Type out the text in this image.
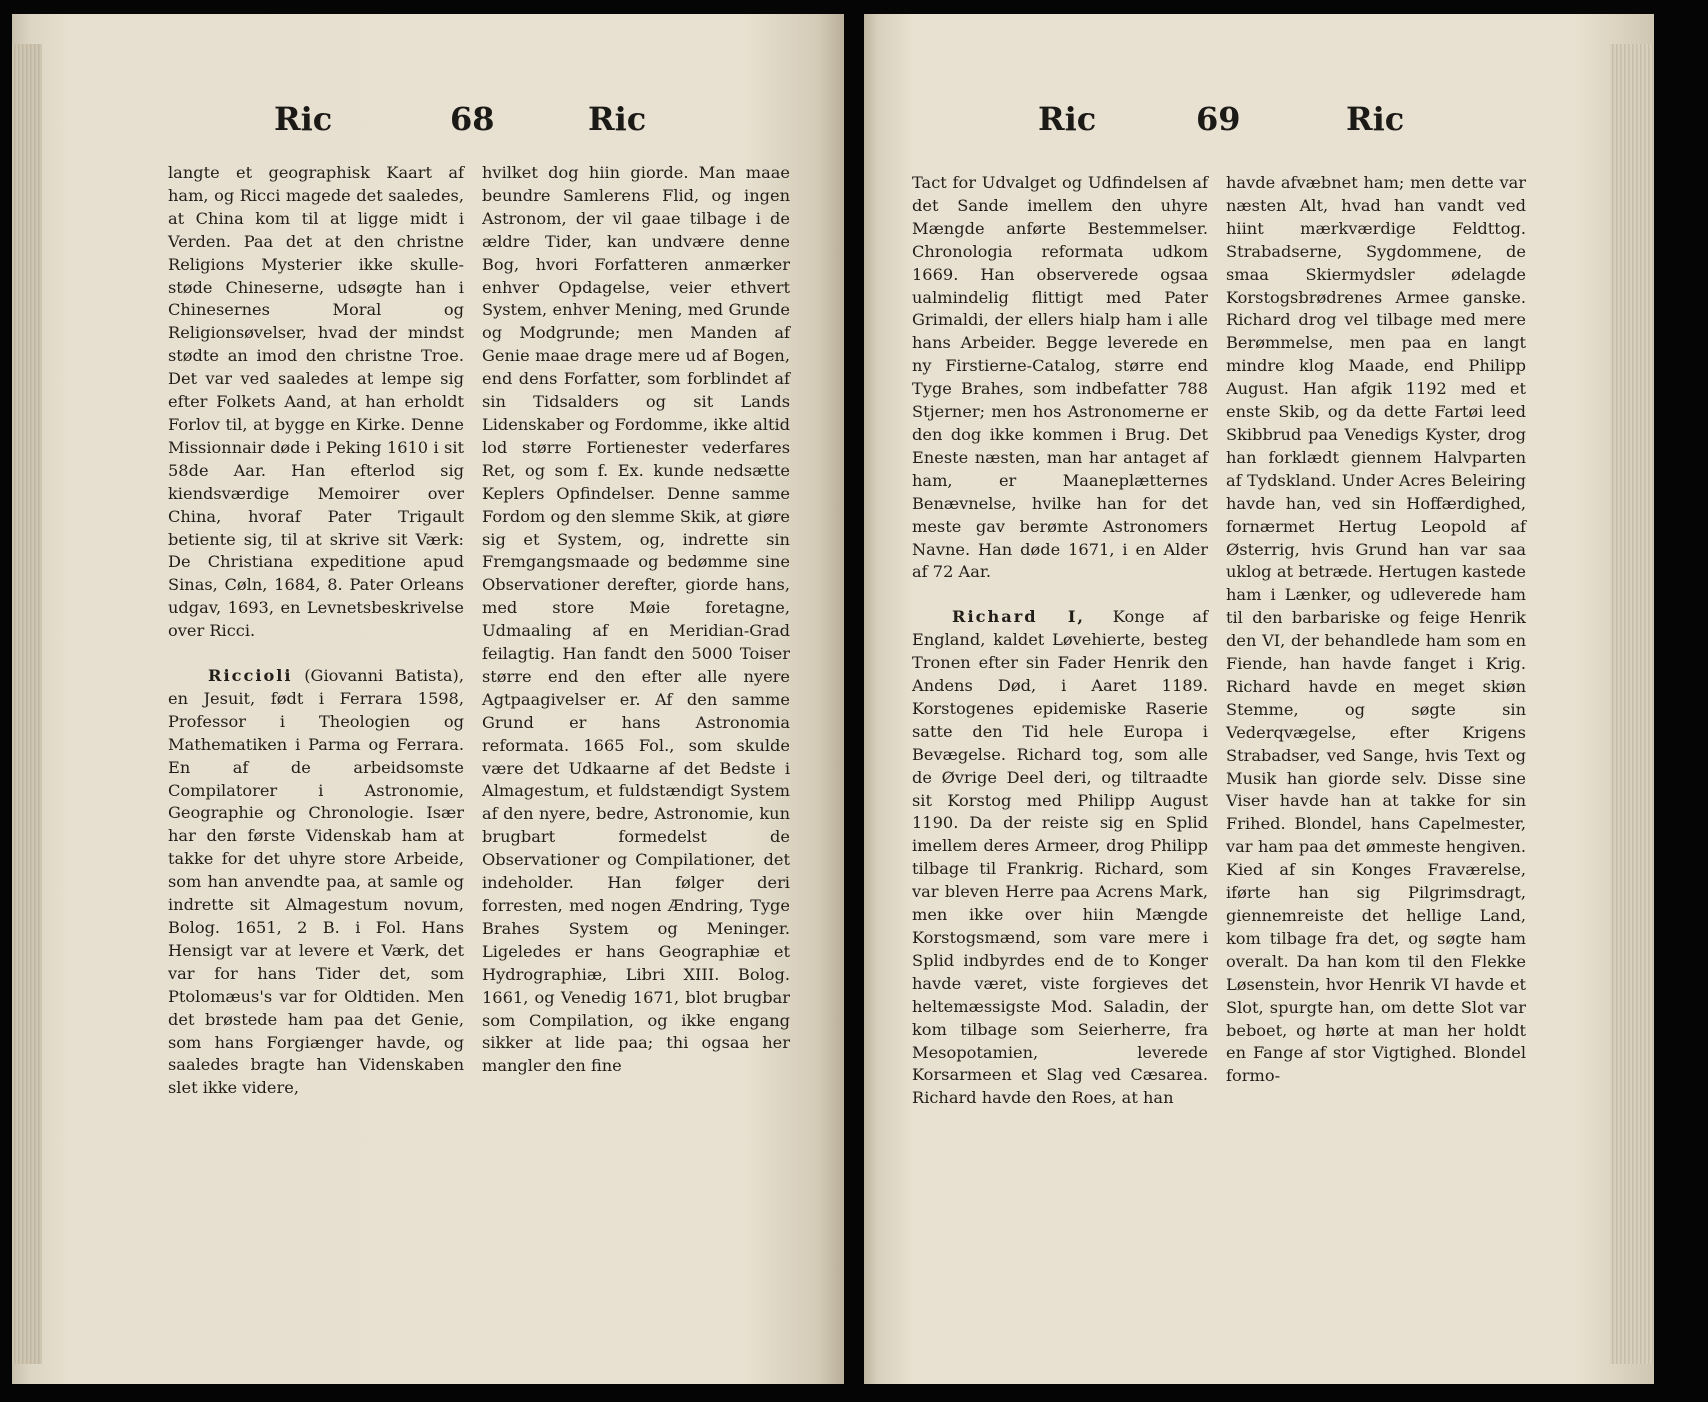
Ric	68	Ric

langte et geographisk Kaart af ham, og Ricci magede det saaledes, at China kom til at ligge midt i Verden. Paa det at den christne Religions Mysterier ikke skulle-støde Chineserne, udsøgte han i Chinesernes Moral og Religionsøvelser, hvad der mindst stødte an imod den christne Troe. Det var ved saaledes at lempe sig efter Folkets Aand, at han erholdt Forlov til, at bygge en Kirke. Denne Missionnair døde i Peking 1610 i sit 58de Aar. Han efterlod sig kiendsværdige Memoirer over China, hvoraf Pater Trigault betiente sig, til at skrive sit Værk: De Christiana expeditione apud Sinas, Cøln, 1684, 8. Pater Orleans udgav, 1693, en Levnetsbeskrivelse over Ricci.

Riccioli (Giovanni Batista), en Jesuit, født i Ferrara 1598, Professor i Theologien og Mathematiken i Parma og Ferrara. En af de arbeidsomste Compilatorer i Astronomie, Geographie og Chronologie. Især har den første Videnskab ham at takke for det uhyre store Arbeide, som han anvendte paa, at samle og indrette sit Almagestum novum, Bolog. 1651, 2 B. i Fol. Hans Hensigt var at levere et Værk, det var for hans Tider det, som Ptolomæus's var for Oldtiden. Men det brøstede ham paa det Genie, som hans Forgiænger havde, og saaledes bragte han Videnskaben slet ikke videre,

hvilket dog hiin giorde. Man maae beundre Samlerens Flid, og ingen Astronom, der vil gaae tilbage i de ældre Tider, kan undvære denne Bog, hvori Forfatteren anmærker enhver Opdagelse, veier ethvert System, enhver Mening, med Grunde og Modgrunde; men Manden af Genie maae drage mere ud af Bogen, end dens Forfatter, som forblindet af sin Tidsalders og sit Lands Lidenskaber og Fordomme, ikke altid lod større Fortienester vederfares Ret, og som f. Ex. kunde nedsætte Keplers Opfindelser. Denne samme Fordom og den slemme Skik, at giøre sig et System, og, indrette sin Fremgangsmaade og bedømme sine Observationer derefter, giorde hans, med store Møie foretagne, Udmaaling af en Meridian-Grad feilagtig. Han fandt den 5000 Toiser større end den efter alle nyere Agtpaagivelser er. Af den samme Grund er hans Astronomia reformata. 1665 Fol., som skulde være det Udkaarne af det Bedste i Almagestum, et fuldstændigt System af den nyere, bedre, Astronomie, kun brugbart formedelst de Observationer og Compilationer, det indeholder. Han følger deri forresten, med nogen Ændring, Tyge Brahes System og Meninger. Ligeledes er hans Geographiæ et Hydrographiæ, Libri XIII. Bolog. 1661, og Venedig 1671, blot brugbar som Compilation, og ikke engang sikker at lide paa; thi ogsaa her mangler den fine

Ric	69	Ric

Tact for Udvalget og Udfindelsen af det Sande imellem den uhyre Mængde anførte Bestemmelser. Chronologia reformata udkom 1669. Han observerede ogsaa ualmindelig flittigt med Pater Grimaldi, der ellers hialp ham i alle hans Arbeider. Begge leverede en ny Firstierne-Catalog, større end Tyge Brahes, som indbefatter 788 Stjerner; men hos Astronomerne er den dog ikke kommen i Brug. Det Eneste næsten, man har antaget af ham, er Maaneplætternes Benævnelse, hvilke han for det meste gav berømte Astronomers Navne. Han døde 1671, i en Alder af 72 Aar.

Richard I, Konge af England, kaldet Løvehierte, besteg Tronen efter sin Fader Henrik den Andens Død, i Aaret 1189. Korstogenes epidemiske Raserie satte den Tid hele Europa i Bevægelse. Richard tog, som alle de Øvrige Deel deri, og tiltraadte sit Korstog med Philipp August 1190. Da der reiste sig en Splid imellem deres Armeer, drog Philipp tilbage til Frankrig. Richard, som var bleven Herre paa Acrens Mark, men ikke over hiin Mængde Korstogsmænd, som vare mere i Splid indbyrdes end de to Konger havde været, viste forgieves det heltemæssigste Mod. Saladin, der kom tilbage som Seierherre, fra Mesopotamien, leverede Korsarmeen et Slag ved Cæsarea. Richard havde den Roes, at han

havde afvæbnet ham; men dette var næsten Alt, hvad han vandt ved hiint mærkværdige Feldttog. Strabadserne, Sygdommene, de smaa Skiermydsler ødelagde Korstogsbrødrenes Armee ganske. Richard drog vel tilbage med mere Berømmelse, men paa en langt mindre klog Maade, end Philipp August. Han afgik 1192 med et enste Skib, og da dette Fartøi leed Skibbrud paa Venedigs Kyster, drog han forklædt giennem Halvparten af Tydskland. Under Acres Beleiring havde han, ved sin Hoffærdighed, fornærmet Hertug Leopold af Østerrig, hvis Grund han var saa uklog at betræde. Hertugen kastede ham i Lænker, og udleverede ham til den barbariske og feige Henrik den VI, der behandlede ham som en Fiende, han havde fanget i Krig. Richard havde en meget skiøn Stemme, og søgte sin Vederqvægelse, efter Krigens Strabadser, ved Sange, hvis Text og Musik han giorde selv. Disse sine Viser havde han at takke for sin Frihed. Blondel, hans Capelmester, var ham paa det ømmeste hengiven. Kied af sin Konges Fraværelse, iførte han sig Pilgrimsdragt, giennemreiste det hellige Land, kom tilbage fra det, og søgte ham overalt. Da han kom til den Flekke Løsenstein, hvor Henrik VI havde et Slot, spurgte han, om dette Slot var beboet, og hørte at man her holdt en Fange af stor Vigtighed. Blondel formo-
